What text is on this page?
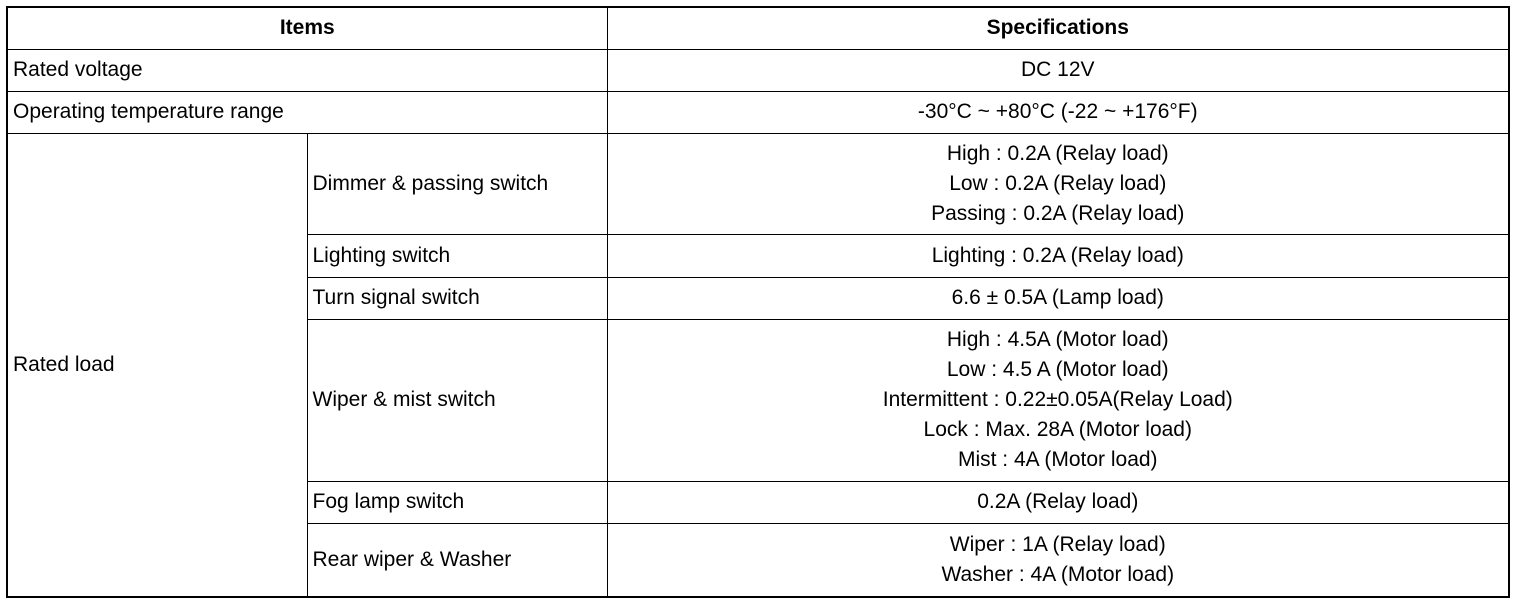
Items		Specifications
Rated voltage		DC 12V
Operating temperature range		-30°C ~ +80°C (-22 ~ +176°F)
Rated load	Dimmer & passing switch	High : 0.2A (Relay load)
Low : 0.2A (Relay load)
Passing : 0.2A (Relay load)

	Lighting switch	Lighting : 0.2A (Relay load)
	Turn signal switch	6.6 ± 0.5A (Lamp load)
	Wiper & mist switch	High : 4.5A (Motor load)
Low : 4.5 A (Motor load)
Intermittent : 0.22±0.05A(Relay Load)
Lock : Max. 28A (Motor load)
Mist : 4A (Motor load)

	Fog lamp switch	0.2A (Relay load)
	Rear wiper & Washer	Wiper : 1A (Relay load)
Washer : 4A (Motor load)
